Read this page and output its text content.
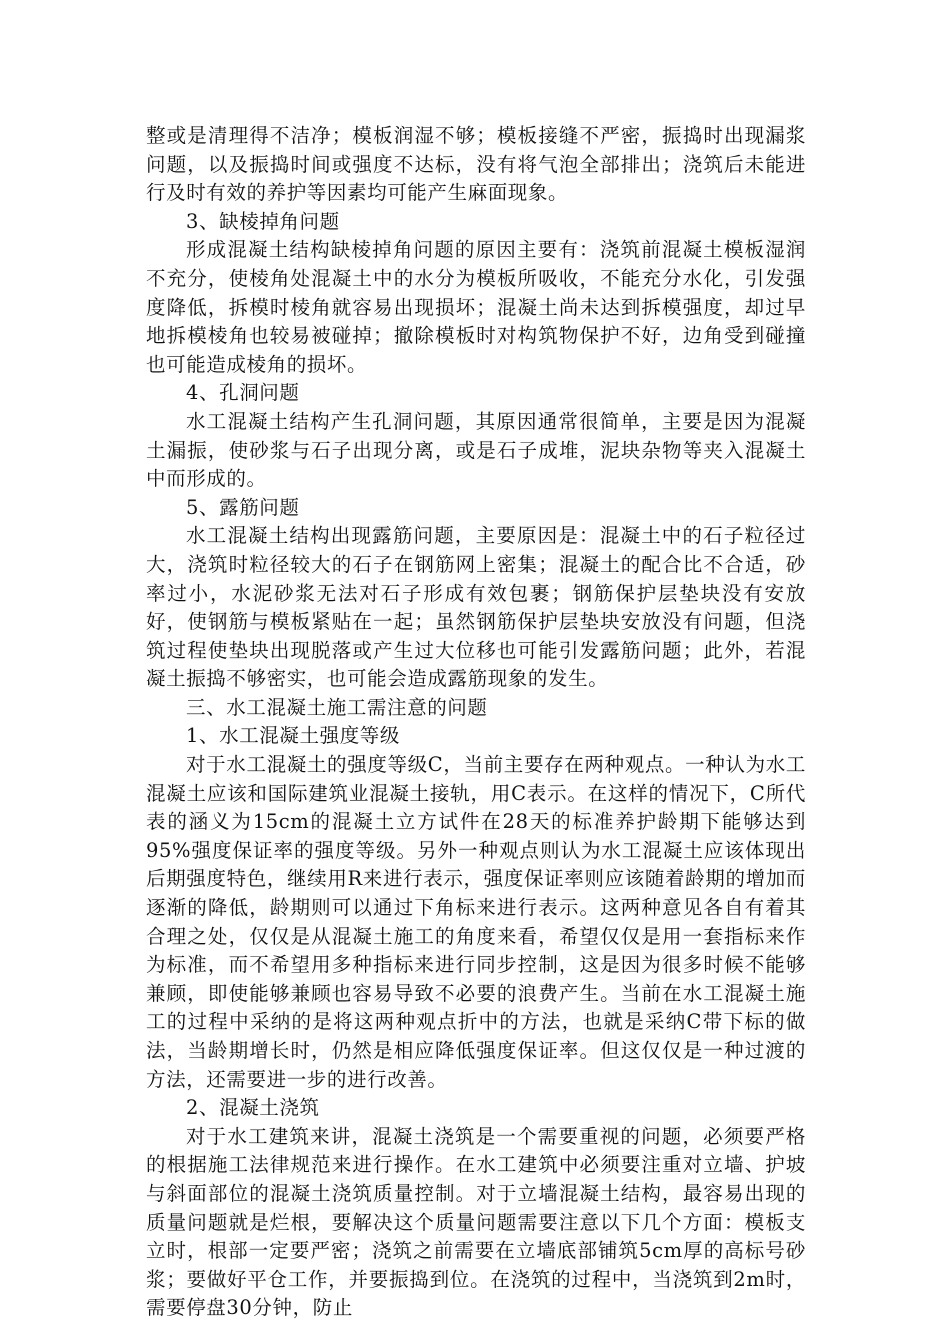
整或是清理得不洁净；模板润湿不够；模板接缝不严密，振捣时出现漏浆问题，以及振捣时间或强度不达标，没有将气泡全部排出；浇筑后未能进行及时有效的养护等因素均可能产生麻面现象。

3、缺棱掉角问题

形成混凝土结构缺棱掉角问题的原因主要有：浇筑前混凝土模板湿润不充分，使棱角处混凝土中的水分为模板所吸收，不能充分水化，引发强度降低，拆模时棱角就容易出现损坏；混凝土尚未达到拆模强度，却过早地拆模棱角也较易被碰掉；撤除模板时对构筑物保护不好，边角受到碰撞也可能造成棱角的损坏。

4、孔洞问题

水工混凝土结构产生孔洞问题，其原因通常很简单，主要是因为混凝土漏振，使砂浆与石子出现分离，或是石子成堆，泥块杂物等夹入混凝土中而形成的。

5、露筋问题

水工混凝土结构出现露筋问题，主要原因是：混凝土中的石子粒径过大，浇筑时粒径较大的石子在钢筋网上密集；混凝土的配合比不合适，砂率过小，水泥砂浆无法对石子形成有效包裹；钢筋保护层垫块没有安放好，使钢筋与模板紧贴在一起；虽然钢筋保护层垫块安放没有问题，但浇筑过程使垫块出现脱落或产生过大位移也可能引发露筋问题；此外，若混凝土振捣不够密实，也可能会造成露筋现象的发生。

三、水工混凝土施工需注意的问题

1、水工混凝土强度等级

对于水工混凝土的强度等级C，当前主要存在两种观点。一种认为水工混凝土应该和国际建筑业混凝土接轨，用C表示。在这样的情况下，C所代表的涵义为15cm的混凝土立方试件在28天的标准养护龄期下能够达到95%强度保证率的强度等级。另外一种观点则认为水工混凝土应该体现出后期强度特色，继续用R来进行表示，强度保证率则应该随着龄期的增加而逐渐的降低，龄期则可以通过下角标来进行表示。这两种意见各自有着其合理之处，仅仅是从混凝土施工的角度来看，希望仅仅是用一套指标来作为标准，而不希望用多种指标来进行同步控制，这是因为很多时候不能够兼顾，即使能够兼顾也容易导致不必要的浪费产生。当前在水工混凝土施工的过程中采纳的是将这两种观点折中的方法，也就是采纳C带下标的做法，当龄期增长时，仍然是相应降低强度保证率。但这仅仅是一种过渡的方法，还需要进一步的进行改善。

2、混凝土浇筑

对于水工建筑来讲，混凝土浇筑是一个需要重视的问题，必须要严格的根据施工法律规范来进行操作。在水工建筑中必须要注重对立墙、护坡与斜面部位的混凝土浇筑质量控制。对于立墙混凝土结构，最容易出现的质量问题就是烂根，要解决这个质量问题需要注意以下几个方面：模板支立时，根部一定要严密；浇筑之前需要在立墙底部铺筑5cm厚的高标号砂浆；要做好平仓工作，并要振捣到位。在浇筑的过程中，当浇筑到2m时，需要停盘30分钟，防止
